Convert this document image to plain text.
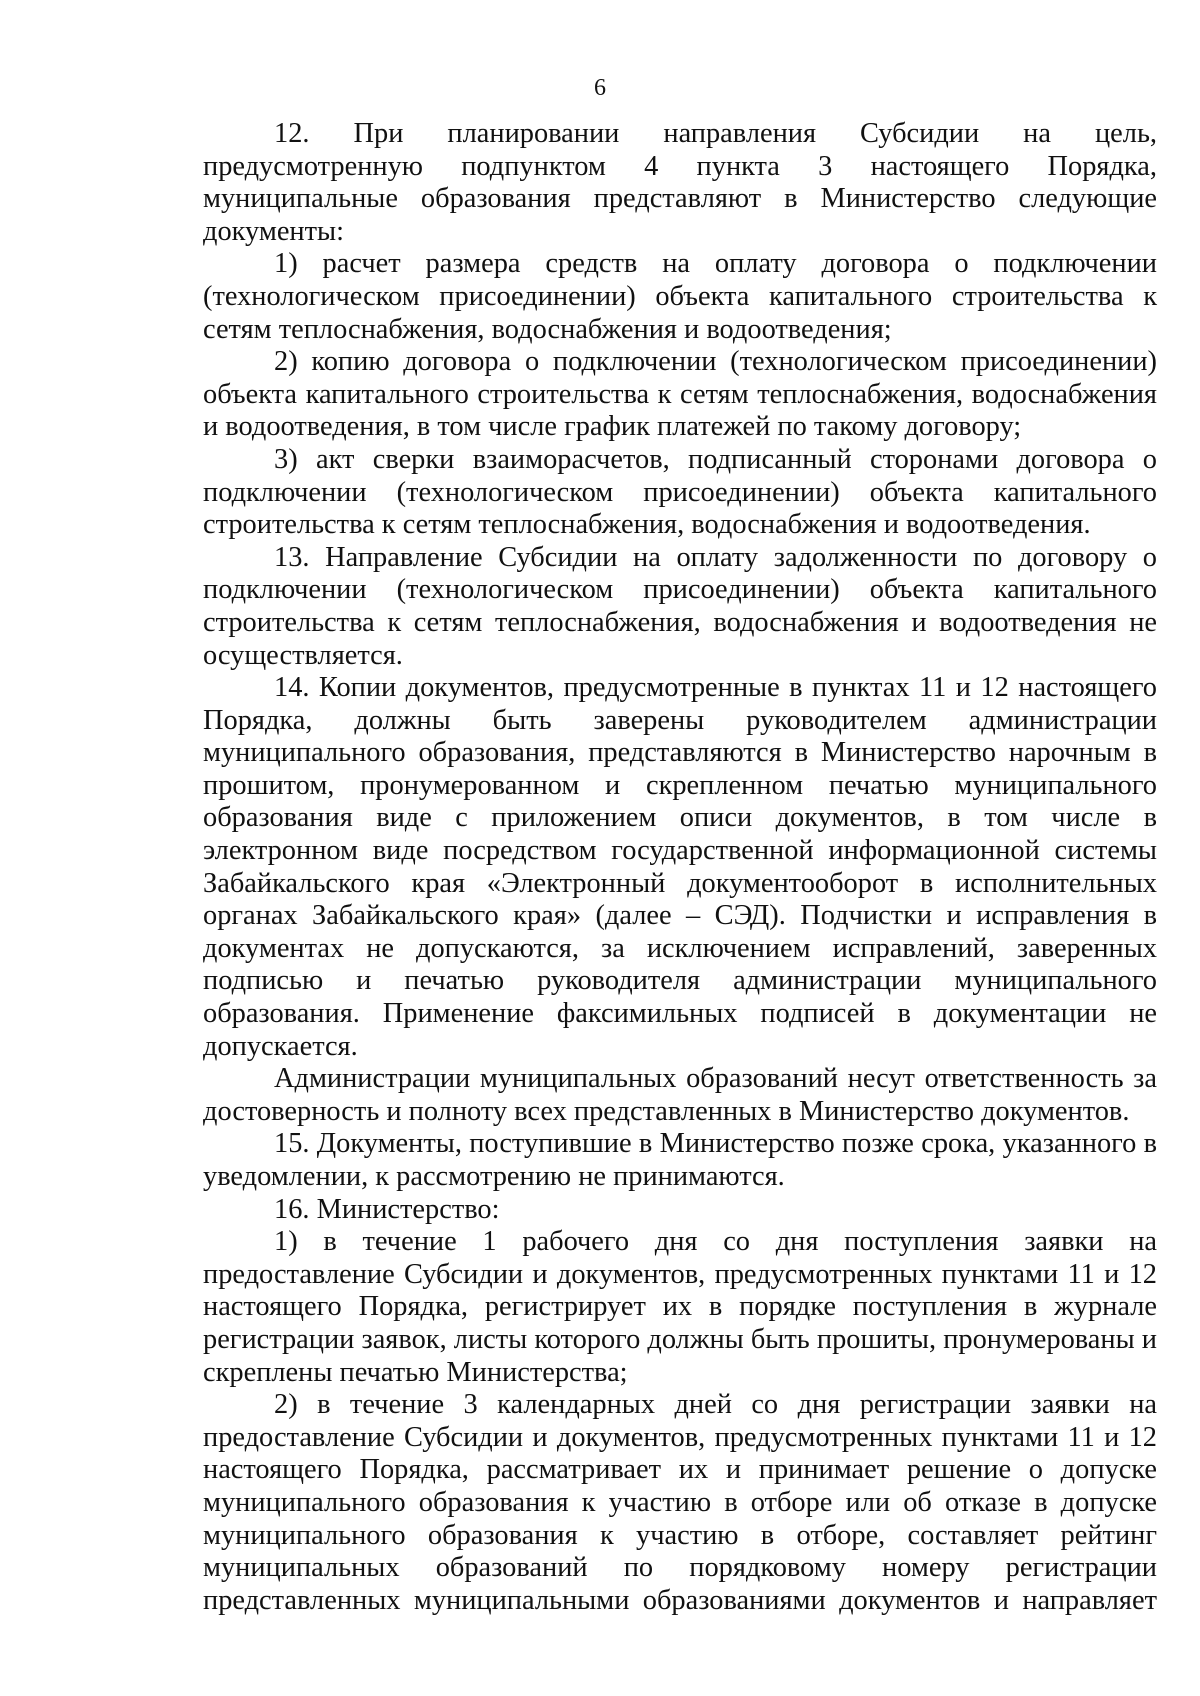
6

12. При планировании направления Субсидии на цель, предусмотренную подпунктом 4 пункта 3 настоящего Порядка, муниципальные образования представляют в Министерство следующие документы:

1) расчет размера средств на оплату договора о подключении (технологическом присоединении) объекта капитального строительства к сетям теплоснабжения, водоснабжения и водоотведения;

2) копию договора о подключении (технологическом присоединении) объекта капитального строительства к сетям теплоснабжения, водоснабжения и водоотведения, в том числе график платежей по такому договору;

3) акт сверки взаиморасчетов, подписанный сторонами договора о подключении (технологическом присоединении) объекта капитального строительства к сетям теплоснабжения, водоснабжения и водоотведения.

13. Направление Субсидии на оплату задолженности по договору о подключении (технологическом присоединении) объекта капитального строительства к сетям теплоснабжения, водоснабжения и водоотведения не осуществляется.

14. Копии документов, предусмотренные в пунктах 11 и 12 настоящего Порядка, должны быть заверены руководителем администрации муниципального образования, представляются в Министерство нарочным в прошитом, пронумерованном и скрепленном печатью муниципального образования виде с приложением описи документов, в том числе в электронном виде посредством государственной информационной системы Забайкальского края «Электронный документооборот в исполнительных органах Забайкальского края» (далее – СЭД). Подчистки и исправления в документах не допускаются, за исключением исправлений, заверенных подписью и печатью руководителя администрации муниципального образования. Применение факсимильных подписей в документации не допускается.

Администрации муниципальных образований несут ответственность за достоверность и полноту всех представленных в Министерство документов.

15. Документы, поступившие в Министерство позже срока, указанного в уведомлении, к рассмотрению не принимаются.

16. Министерство:

1) в течение 1 рабочего дня со дня поступления заявки на предоставление Субсидии и документов, предусмотренных пунктами 11 и 12 настоящего Порядка, регистрирует их в порядке поступления в журнале регистрации заявок, листы которого должны быть прошиты, пронумерованы и скреплены печатью Министерства;

2) в течение 3 календарных дней со дня регистрации заявки на предоставление Субсидии и документов, предусмотренных пунктами 11 и 12 настоящего Порядка, рассматривает их и принимает решение о допуске муниципального образования к участию в отборе или об отказе в допуске муниципального образования к участию в отборе, составляет рейтинг муниципальных образований по порядковому номеру регистрации представленных муниципальными образованиями документов и направляет
